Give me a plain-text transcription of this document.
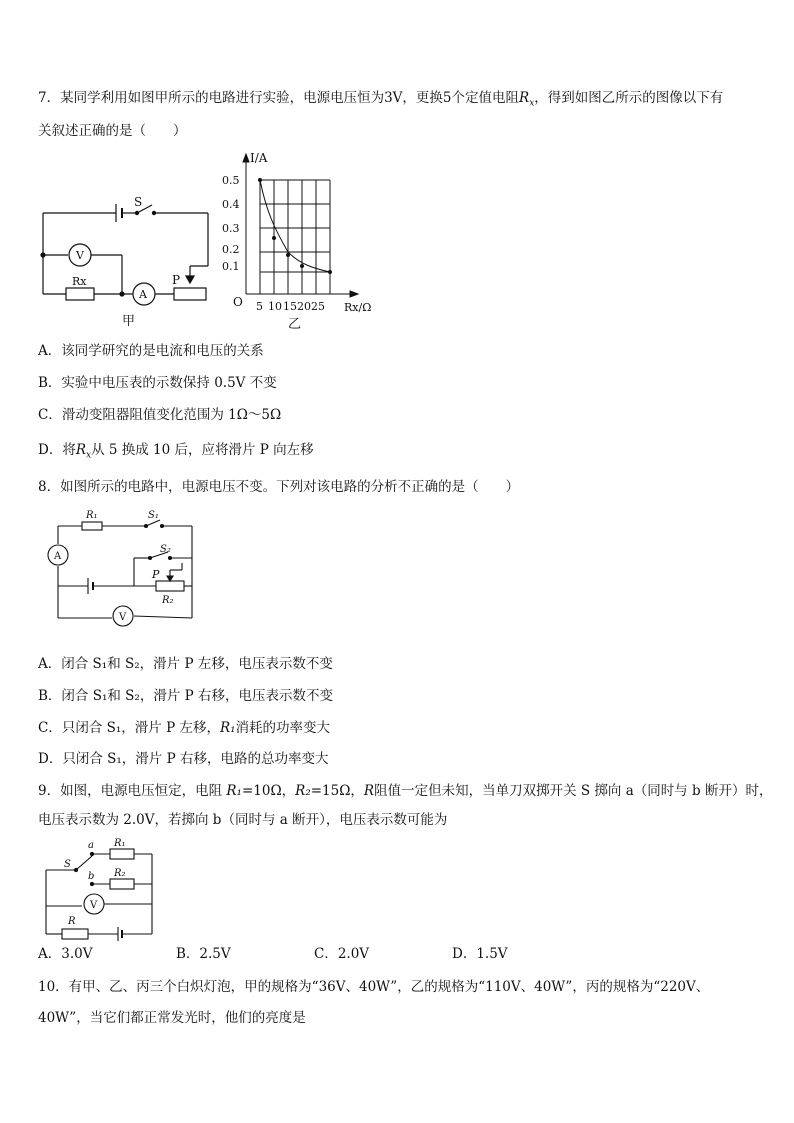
7．某同学利用如图甲所示的电路进行实验，电源电压恒为3V，更换5个定值电阻$R_x$，得到如图乙所示的图像以下有
关叙述正确的是（　　）
S
V
A
Rx	P
甲
I/A
0.5
0.4
0.3
0.2
0.1
O 5 10 15 20 25 Rx/Ω
乙
A．该同学研究的是电流和电压的关系
B．实验中电压表的示数保持 0.5V 不变
C．滑动变阻器阻值变化范围为 1Ω～5Ω
D．将$R_x$从 5 换成 10 后，应将滑片 P 向左移
8．如图所示的电路中，电源电压不变。下列对该电路的分析不正确的是（　　）
R₁	S₁
S₂
P
R₂
A
V
A．闭合 S₁和 S₂，滑片 P 左移，电压表示数不变
B．闭合 S₁和 S₂，滑片 P 右移，电压表示数不变
C．只闭合 S₁，滑片 P 左移，R₁消耗的功率变大
D．只闭合 S₁，滑片 P 右移，电路的总功率变大
9．如图，电源电压恒定，电阻 R₁=10Ω，R₂=15Ω，R阻值一定但未知，当单刀双掷开关 S 掷向 a（同时与 b 断开）时，
电压表示数为 2.0V，若掷向 b（同时与 a 断开），电压表示数可能为
a
b
S
R₁
R₂
R
V
A．3.0V	B．2.5V	C．2.0V	D．1.5V
10．有甲、乙、丙三个白炽灯泡，甲的规格为“36V、40W”，乙的规格为“110V、40W”，丙的规格为“220V、
40W”，当它们都正常发光时，他们的亮度是
